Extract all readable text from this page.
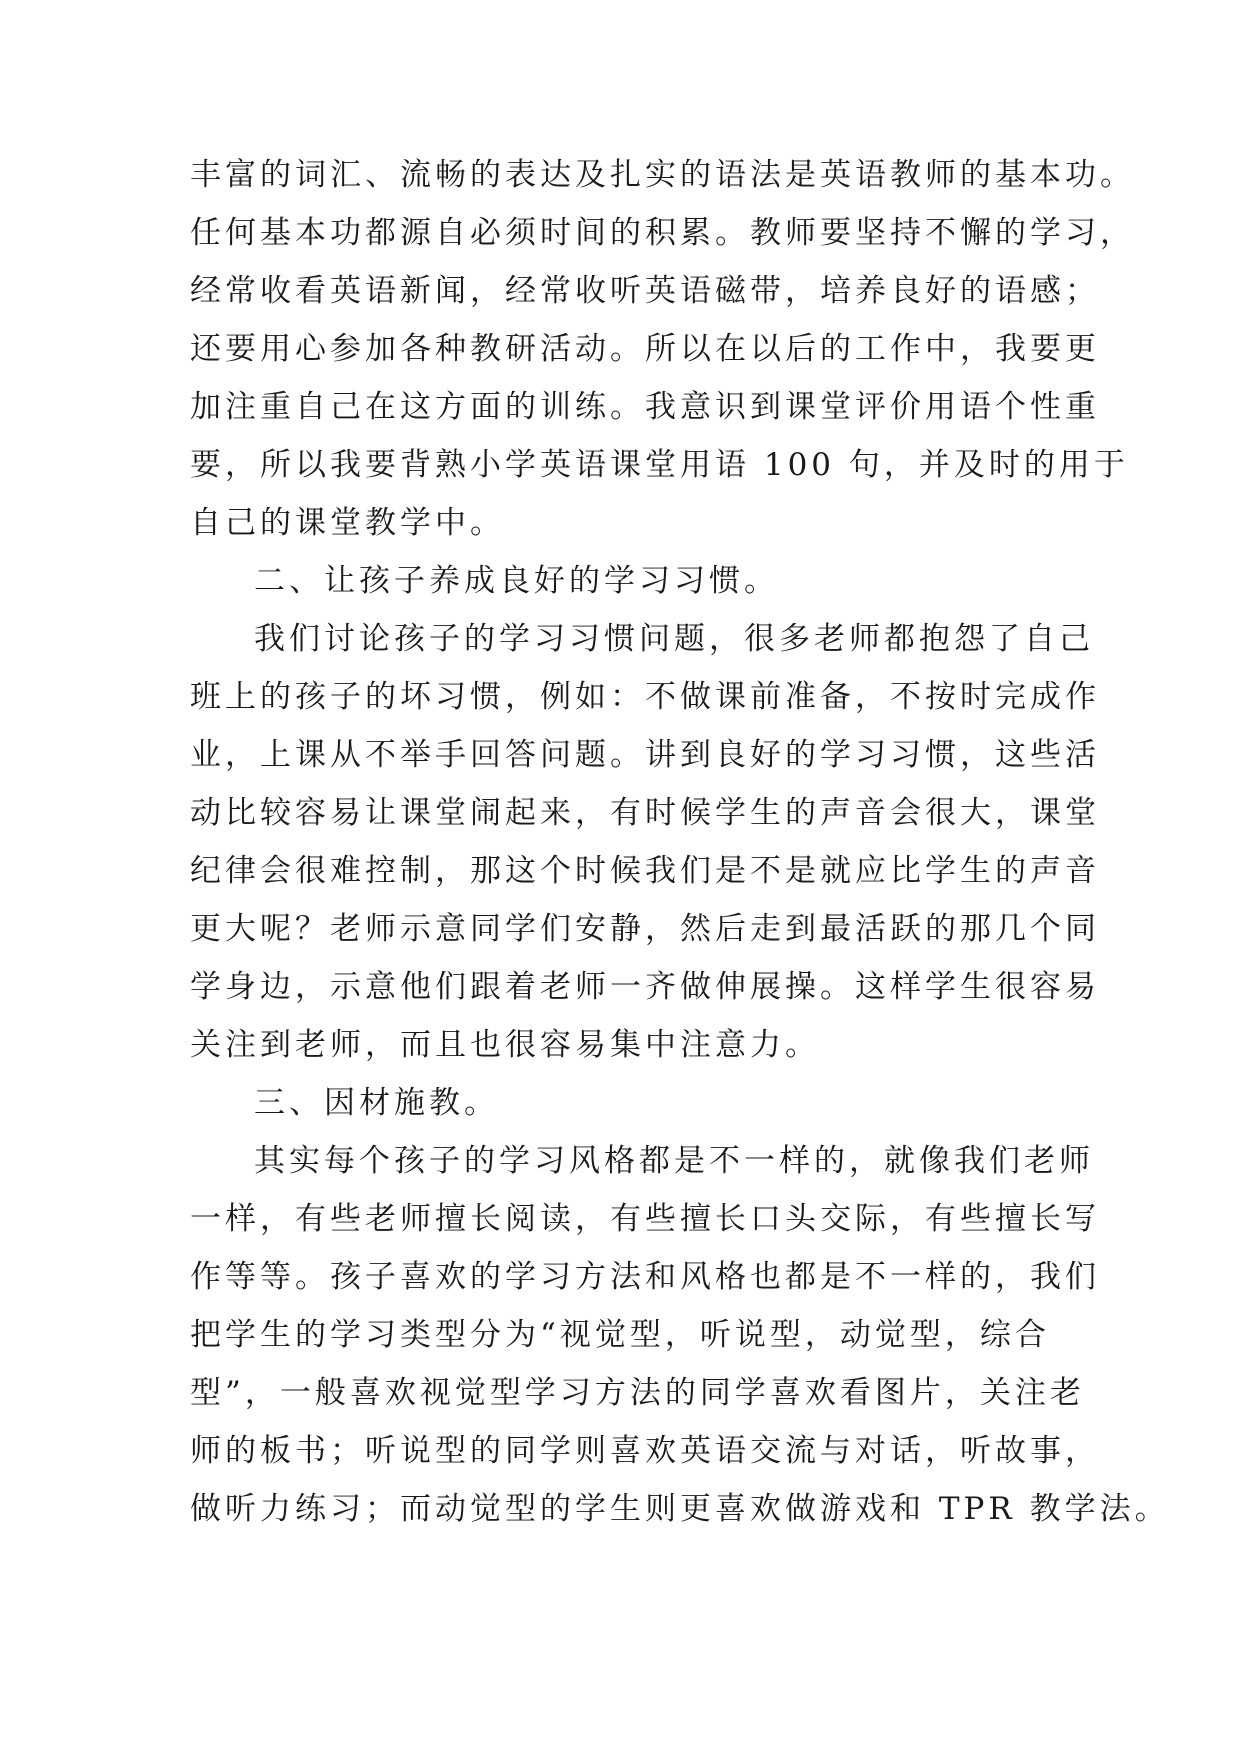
丰富的词汇、流畅的表达及扎实的语法是英语教师的基本功。
任何基本功都源自必须时间的积累。教师要坚持不懈的学习，
经常收看英语新闻，经常收听英语磁带，培养良好的语感；
还要用心参加各种教研活动。所以在以后的工作中，我要更
加注重自己在这方面的训练。我意识到课堂评价用语个性重
要，所以我要背熟小学英语课堂用语 100 句，并及时的用于
自己的课堂教学中。
二、让孩子养成良好的学习习惯。
我们讨论孩子的学习习惯问题，很多老师都抱怨了自己
班上的孩子的坏习惯，例如：不做课前准备，不按时完成作
业，上课从不举手回答问题。讲到良好的学习习惯，这些活
动比较容易让课堂闹起来，有时候学生的声音会很大，课堂
纪律会很难控制，那这个时候我们是不是就应比学生的声音
更大呢？老师示意同学们安静，然后走到最活跃的那几个同
学身边，示意他们跟着老师一齐做伸展操。这样学生很容易
关注到老师，而且也很容易集中注意力。
三、因材施教。
其实每个孩子的学习风格都是不一样的，就像我们老师
一样，有些老师擅长阅读，有些擅长口头交际，有些擅长写
作等等。孩子喜欢的学习方法和风格也都是不一样的，我们
把学生的学习类型分为“视觉型，听说型，动觉型，综合
型”，一般喜欢视觉型学习方法的同学喜欢看图片，关注老
师的板书；听说型的同学则喜欢英语交流与对话，听故事，
做听力练习；而动觉型的学生则更喜欢做游戏和 TPR 教学法。
